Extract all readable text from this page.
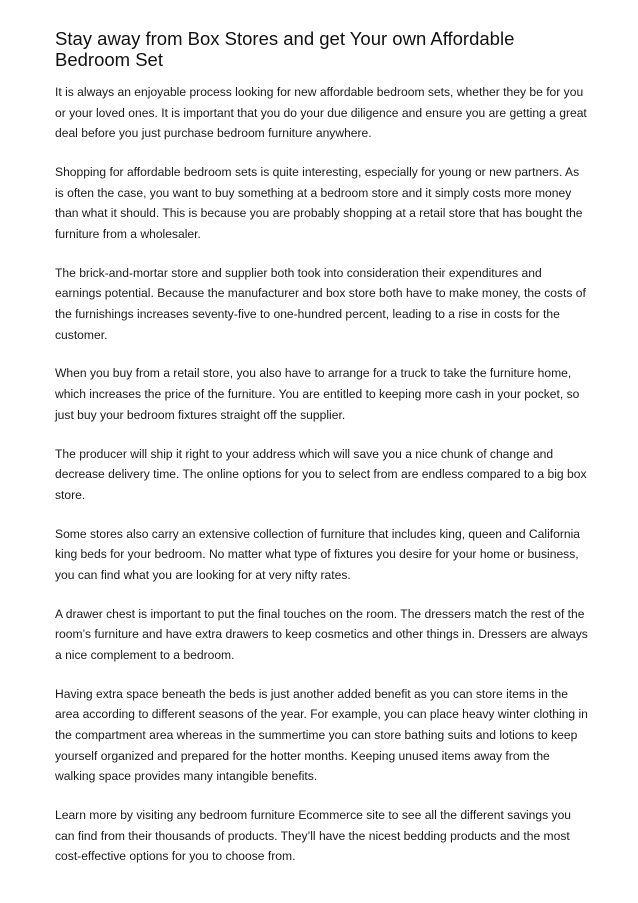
Stay away from Box Stores and get Your own Affordable Bedroom Set

It is always an enjoyable process looking for new affordable bedroom sets, whether they be for you or your loved ones. It is important that you do your due diligence and ensure you are getting a great deal before you just purchase bedroom furniture anywhere.

Shopping for affordable bedroom sets is quite interesting, especially for young or new partners. As is often the case, you want to buy something at a bedroom store and it simply costs more money than what it should. This is because you are probably shopping at a retail store that has bought the furniture from a wholesaler.

The brick-and-mortar store and supplier both took into consideration their expenditures and earnings potential. Because the manufacturer and box store both have to make money, the costs of the furnishings increases seventy-five to one-hundred percent, leading to a rise in costs for the customer.

When you buy from a retail store, you also have to arrange for a truck to take the furniture home, which increases the price of the furniture. You are entitled to keeping more cash in your pocket, so just buy your bedroom fixtures straight off the supplier.

The producer will ship it right to your address which will save you a nice chunk of change and decrease delivery time. The online options for you to select from are endless compared to a big box store.

Some stores also carry an extensive collection of furniture that includes king, queen and California king beds for your bedroom. No matter what type of fixtures you desire for your home or business, you can find what you are looking for at very nifty rates.

A drawer chest is important to put the final touches on the room. The dressers match the rest of the room’s furniture and have extra drawers to keep cosmetics and other things in. Dressers are always a nice complement to a bedroom.

Having extra space beneath the beds is just another added benefit as you can store items in the area according to different seasons of the year. For example, you can place heavy winter clothing in the compartment area whereas in the summertime you can store bathing suits and lotions to keep yourself organized and prepared for the hotter months. Keeping unused items away from the walking space provides many intangible benefits.

Learn more by visiting any bedroom furniture Ecommerce site to see all the different savings you can find from their thousands of products. They’ll have the nicest bedding products and the most cost-effective options for you to choose from.
